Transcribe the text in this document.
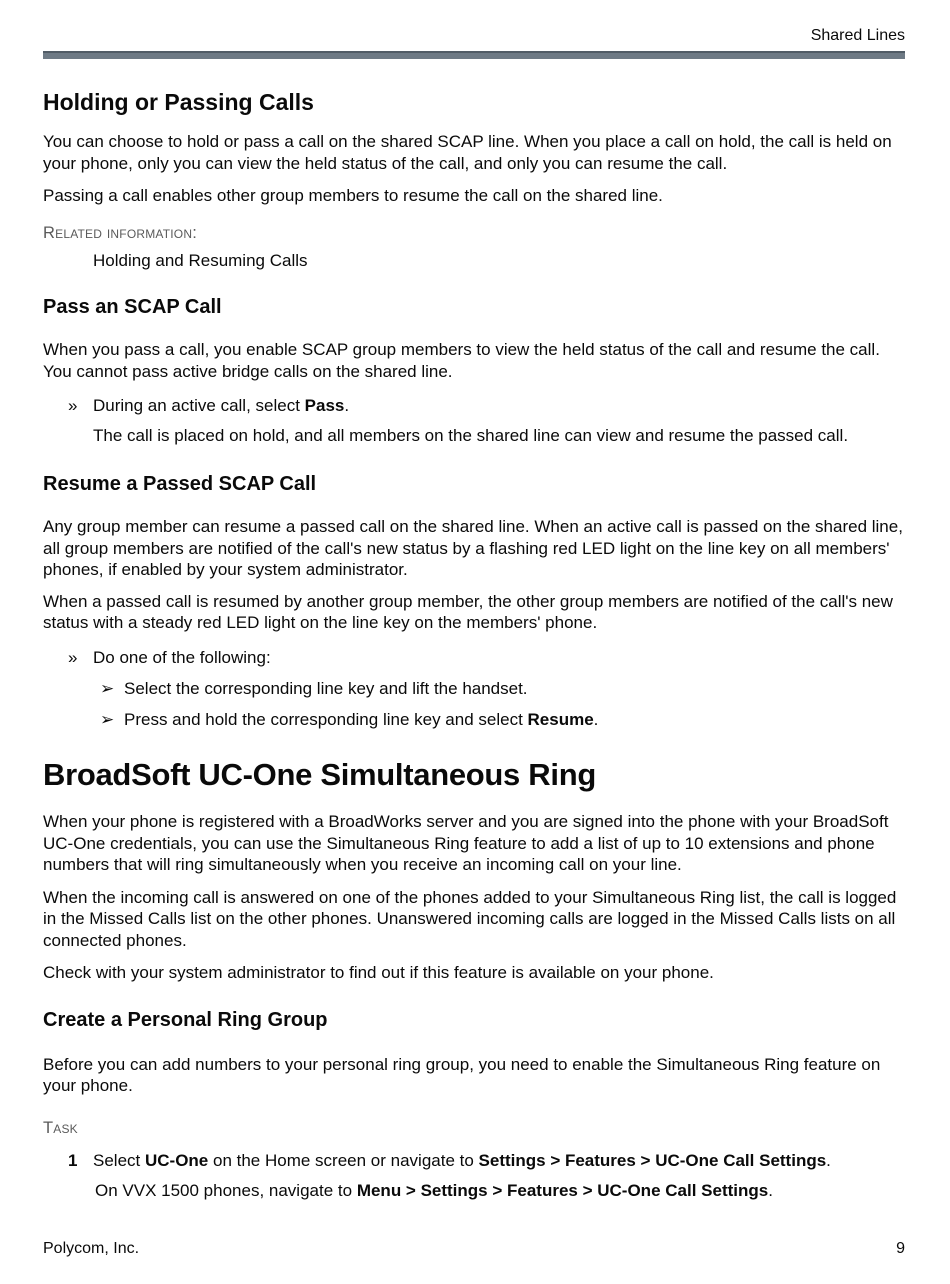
Shared Lines
Holding or Passing Calls

You can choose to hold or pass a call on the shared SCAP line. When you place a call on hold, the call is held on your phone, only you can view the held status of the call, and only you can resume the call.

Passing a call enables other group members to resume the call on the shared line.

Related information:
Holding and Resuming Calls
Pass an SCAP Call

When you pass a call, you enable SCAP group members to view the held status of the call and resume the call. You cannot pass active bridge calls on the shared line.

» During an active call, select Pass.
The call is placed on hold, and all members on the shared line can view and resume the passed call.
Resume a Passed SCAP Call

Any group member can resume a passed call on the shared line. When an active call is passed on the shared line, all group members are notified of the call's new status by a flashing red LED light on the line key on all members' phones, if enabled by your system administrator.

When a passed call is resumed by another group member, the other group members are notified of the call's new status with a steady red LED light on the line key on the members' phone.

» Do one of the following:
➢ Select the corresponding line key and lift the handset.
➢ Press and hold the corresponding line key and select Resume.
BroadSoft UC-One Simultaneous Ring

When your phone is registered with a BroadWorks server and you are signed into the phone with your BroadSoft UC-One credentials, you can use the Simultaneous Ring feature to add a list of up to 10 extensions and phone numbers that will ring simultaneously when you receive an incoming call on your line.

When the incoming call is answered on one of the phones added to your Simultaneous Ring list, the call is logged in the Missed Calls list on the other phones. Unanswered incoming calls are logged in the Missed Calls lists on all connected phones.

Check with your system administrator to find out if this feature is available on your phone.

Create a Personal Ring Group

Before you can add numbers to your personal ring group, you need to enable the Simultaneous Ring feature on your phone.

Task
1 Select UC-One on the Home screen or navigate to Settings > Features > UC-One Call Settings.
On VVX 1500 phones, navigate to Menu > Settings > Features > UC-One Call Settings.
Polycom, Inc.	9
